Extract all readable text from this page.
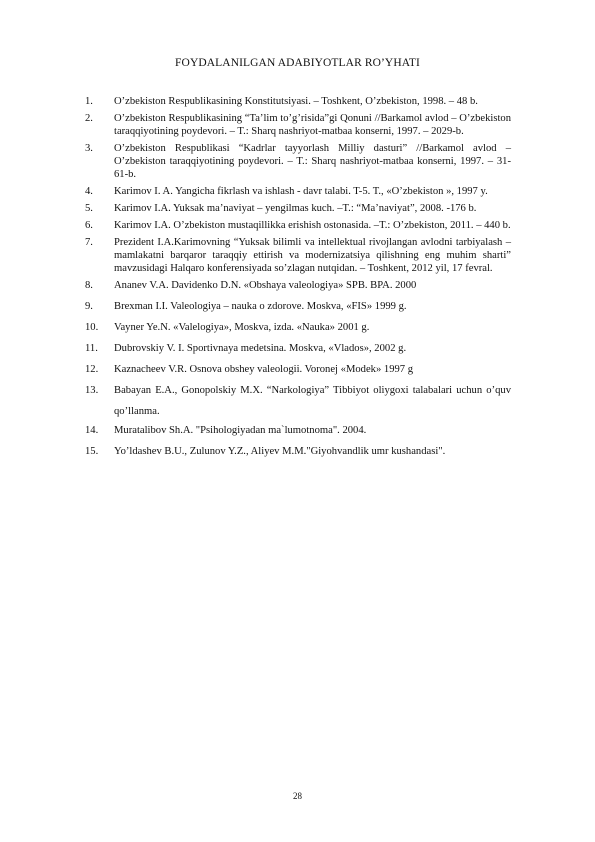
FOYDALANILGAN ADABIYOTLAR RO’YHATI
1.	O’zbekiston Respublikasining Konstitutsiyasi. – Toshkent, O’zbekiston, 1998. – 48 b.
2.	O’zbekiston Respublikasining “Ta’lim to’g’risida”gi Qonuni //Barkamol avlod – O’zbekiston taraqqiyotining poydevori. – T.: Sharq nashriyot-matbaa konserni, 1997. – 2029-b.
3.	O’zbekiston Respublikasi “Kadrlar tayyorlash Milliy dasturi” //Barkamol avlod – O’zbekiston taraqqiyotining poydevori. – T.: Sharq nashriyot-matbaa konserni, 1997. – 31-61-b.
4.	Karimov I. A. Yangicha fikrlash va ishlash - davr talabi. T-5. T., «O’zbekiston », 1997 y.
5.	Karimov I.A. Yuksak ma’naviyat – yengilmas kuch. –T.: “Ma’naviyat”, 2008. -176 b.
6.	Karimov I.A. O’zbekiston mustaqillikka erishish ostonasida. –T.: O’zbekiston, 2011. – 440 b.
7.	Prezident I.A.Karimovning “Yuksak bilimli va intellektual rivojlangan avlodni tarbiyalash – mamlakatni barqaror taraqqiy ettirish va modernizatsiya qilishning eng muhim sharti” mavzusidagi Halqaro konferensiyada so’zlagan nutqidan. – Toshkent, 2012 yil, 17 fevral.
8.	Ananev V.A. Davidenko D.N. «Obshaya valeologiya» SPB. BPA. 2000
9.	Brexman I.I. Valeologiya – nauka o zdorove. Moskva, «FIS» 1999 g.
10.	Vayner Ye.N. «Valelogiya», Moskva, izda. «Nauka» 2001 g.
11.	Dubrovskiy V. I. Sportivnaya medetsina. Moskva, «Vlados», 2002 g.
12.	Kaznacheev V.R. Osnova obshey valeologii. Voronej «Modek» 1997 g
13.	Babayan E.A., Gonopolskiy M.X. “Narkologiya” Tibbiyot oliygoxi talabalari uchun o’quv qo’llanma.
14.	Muratalibov Sh.A. "Psihologiyadan ma`lumotnoma". 2004.
15.	Yo’ldashev B.U., Zulunov Y.Z., Aliyev M.M."Giyohvandlik umr kushandasi".
28
